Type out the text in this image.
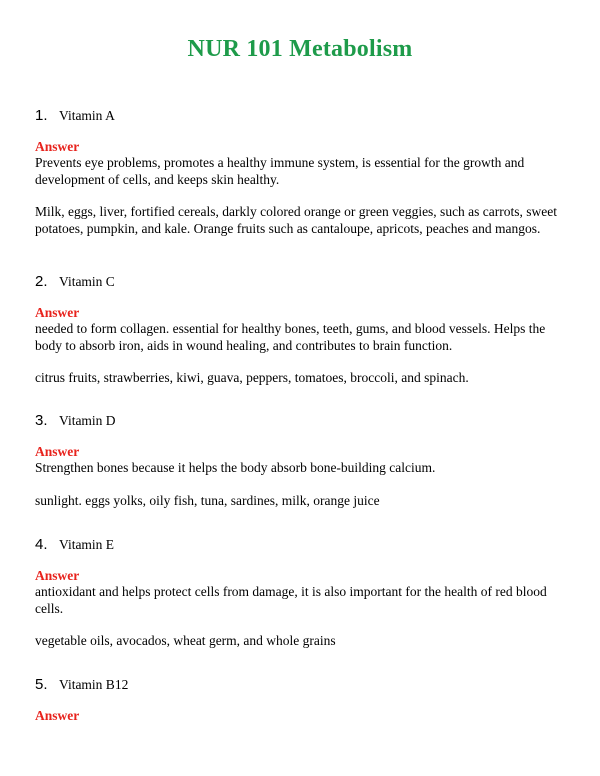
NUR 101 Metabolism
1. Vitamin A
Answer

Prevents eye problems, promotes a healthy immune system, is essential for the growth and development of cells, and keeps skin healthy.

Milk, eggs, liver, fortified cereals, darkly colored orange or green veggies, such as carrots, sweet potatoes, pumpkin, and kale. Orange fruits such as cantaloupe, apricots, peaches and mangos.

2. Vitamin C
Answer

needed to form collagen. essential for healthy bones, teeth, gums, and blood vessels. Helps the body to absorb iron, aids in wound healing, and contributes to brain function.

citrus fruits, strawberries, kiwi, guava, peppers, tomatoes, broccoli, and spinach.

3. Vitamin D
Answer

Strengthen bones because it helps the body absorb bone-building calcium.

sunlight. eggs yolks, oily fish, tuna, sardines, milk, orange juice

4. Vitamin E
Answer

antioxidant and helps protect cells from damage, it is also important for the health of red blood cells.

vegetable oils, avocados, wheat germ, and whole grains

5. Vitamin B12
Answer
